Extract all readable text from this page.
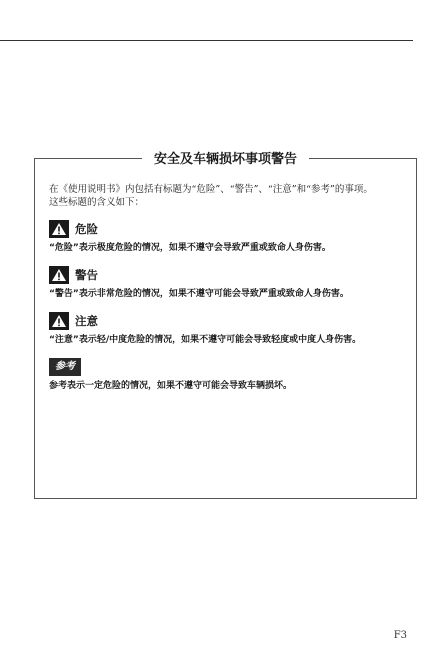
安全及车辆损坏事项警告

在《使用说明书》内包括有标题为“危险”、“警告”、“注意”和“参考”的事项。
这些标题的含义如下：

危险

“危险”表示极度危险的情况，如果不遵守会导致严重或致命人身伤害。

警告

“警告”表示非常危险的情况，如果不遵守可能会导致严重或致命人身伤害。

注意

“注意”表示轻/中度危险的情况，如果不遵守可能会导致轻度或中度人身伤害。

参考

参考表示一定危险的情况，如果不遵守可能会导致车辆损坏。

F3
